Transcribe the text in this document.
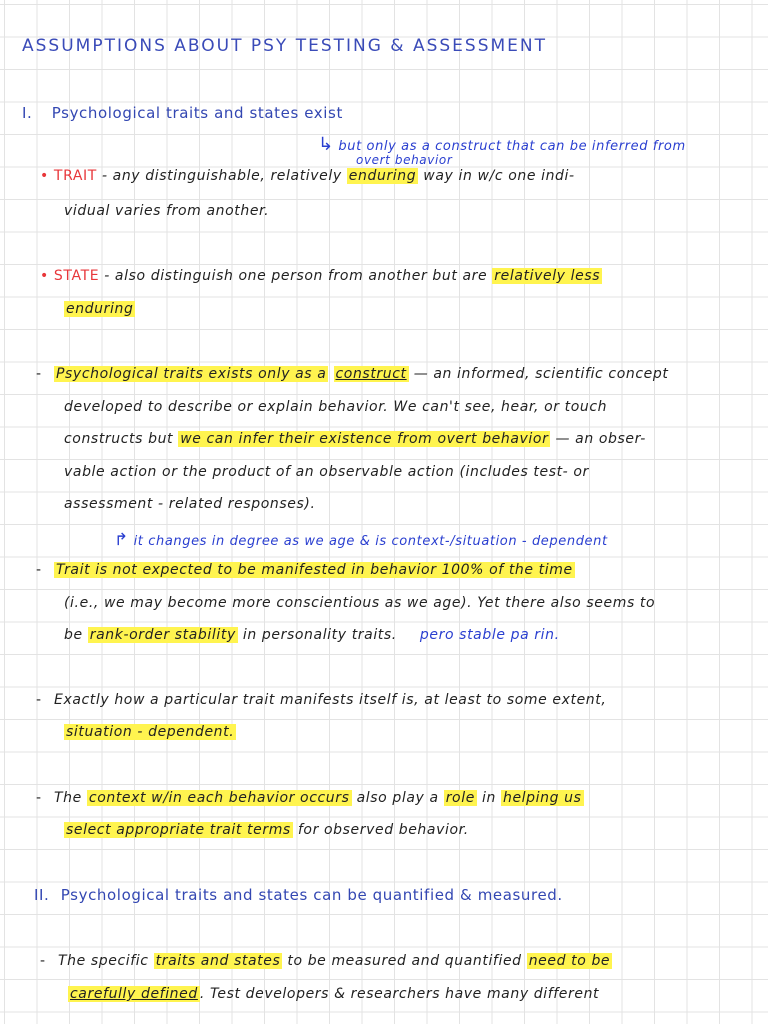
ASSUMPTIONS ABOUT PSY TESTING & ASSESSMENT
I. Psychological traits and states exist
↳ but only as a construct that can be inferred from
overt behavior
• TRAIT - any distinguishable, relatively enduring way in w/c one indi-
vidual varies from another.
• STATE - also distinguish one person from another but are relatively less
enduring
- Psychological traits exists only as a construct — an informed, scientific concept
developed to describe or explain behavior. We can't see, hear, or touch
constructs but we can infer their existence from overt behavior — an obser-
vable action or the product of an observable action (includes test- or
assessment - related responses).
↱ it changes in degree as we age & is context-/situation - dependent
- Trait is not expected to be manifested in behavior 100% of the time
(i.e., we may become more conscientious as we age). Yet there also seems to
be rank-order stability in personality traits. pero stable pa rin.
- Exactly how a particular trait manifests itself is, at least to some extent,
situation - dependent.
- The context w/in each behavior occurs also play a role in helping us
select appropriate trait terms for observed behavior.
II. Psychological traits and states can be quantified & measured.
- The specific traits and states to be measured and quantified need to be
carefully defined . Test developers & researchers have many different
